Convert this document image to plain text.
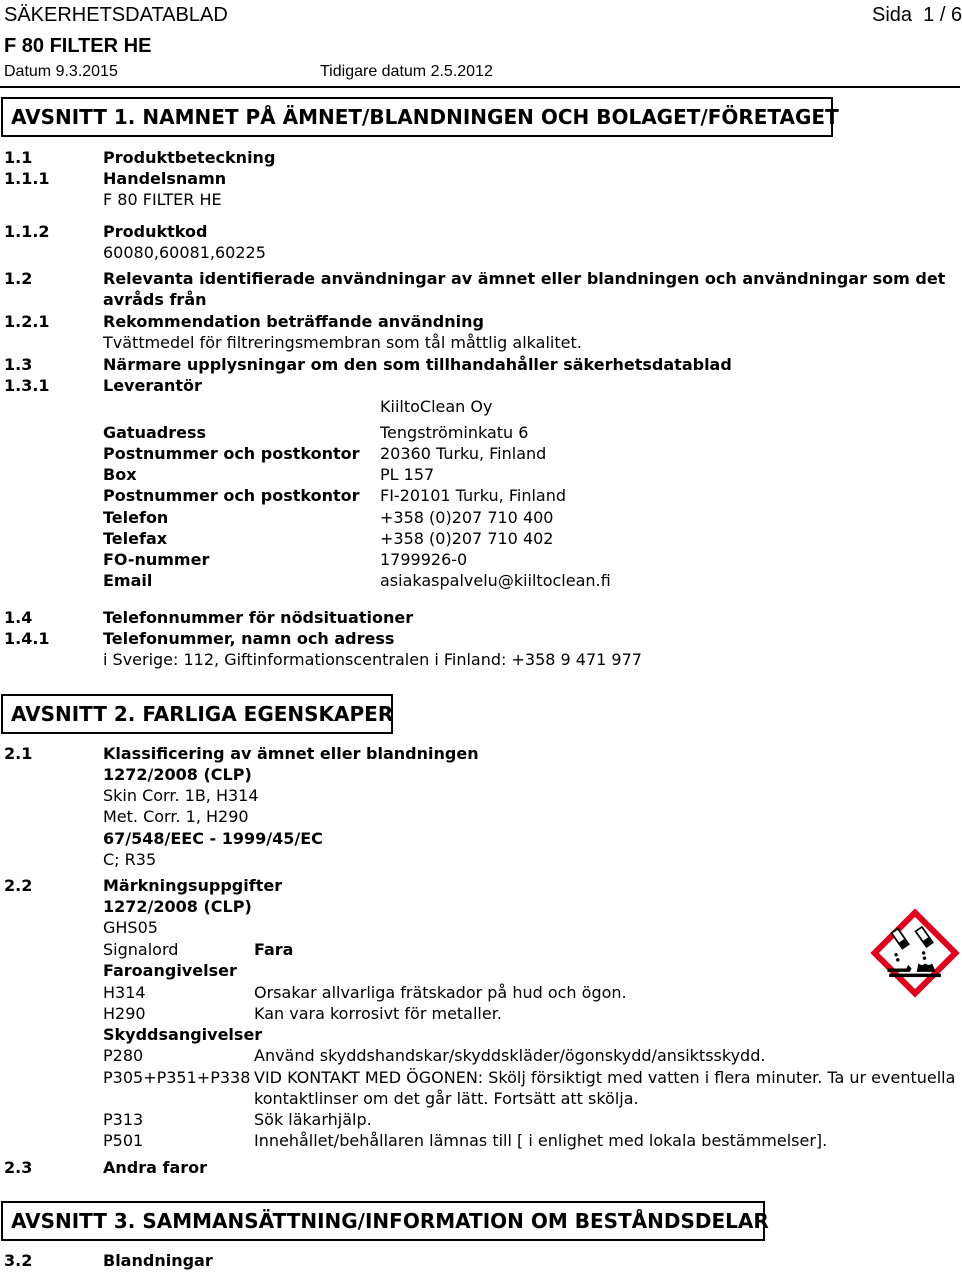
SÄKERHETSDATABLAD	Sida 1 / 6
F 80 FILTER HE
Datum 9.3.2015	Tidigare datum 2.5.2012
AVSNITT 1. NAMNET PÅ ÄMNET/BLANDNINGEN OCH BOLAGET/FÖRETAGET
1.1	Produktbeteckning
1.1.1	Handelsnamn
F 80 FILTER HE
1.1.2	Produktkod
60080,60081,60225
1.2	Relevanta identifierade användningar av ämnet eller blandningen och användningar som det
avråds från
1.2.1	Rekommendation beträffande användning
Tvättmedel för filtreringsmembran som tål måttlig alkalitet.
1.3	Närmare upplysningar om den som tillhandahåller säkerhetsdatablad
1.3.1	Leverantör
KiiltoClean Oy
Gatuadress	Tengströminkatu 6
Postnummer och postkontor 20360 Turku, Finland
Box	PL 157
Postnummer och postkontor FI-20101 Turku, Finland
Telefon	+358 (0)207 710 400
Telefax	+358 (0)207 710 402
FO-nummer	1799926-0
Email	asiakaspalvelu@kiiltoclean.fi
1.4	Telefonnummer för nödsituationer
1.4.1	Telefonummer, namn och adress
i Sverige: 112, Giftinformationscentralen i Finland: +358 9 471 977
AVSNITT 2. FARLIGA EGENSKAPER
2.1	Klassificering av ämnet eller blandningen
1272/2008 (CLP)
Skin Corr. 1B, H314
Met. Corr. 1, H290
67/548/EEC - 1999/45/EC
C; R35
2.2	Märkningsuppgifter
1272/2008 (CLP)
GHS05
Signalord	Fara
Faroangivelser
H314	Orsakar allvarliga frätskador på hud och ögon.
H290	Kan vara korrosivt för metaller.
Skyddsangivelser
P280	Använd skyddshandskar/skyddskläder/ögonskydd/ansiktsskydd.
P305+P351+P338 VID KONTAKT MED ÖGONEN: Skölj försiktigt med vatten i flera minuter. Ta ur eventuella
kontaktlinser om det går lätt. Fortsätt att skölja.
P313	Sök läkarhjälp.
P501	Innehållet/behållaren lämnas till [ i enlighet med lokala bestämmelser].
2.3	Andra faror
AVSNITT 3. SAMMANSÄTTNING/INFORMATION OM BESTÅNDSDELAR
3.2	Blandningar
